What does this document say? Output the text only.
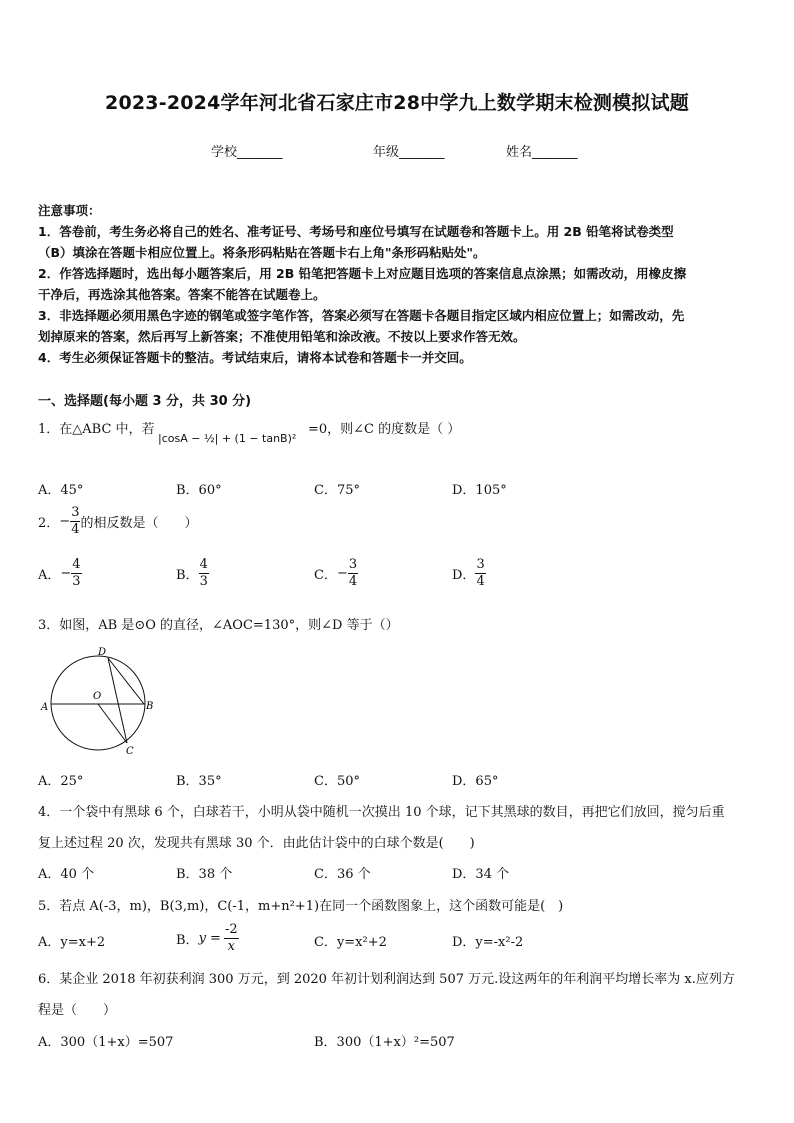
2023-2024学年河北省石家庄市28中学九上数学期末检测模拟试题
学校_______	年级_______	姓名_______
注意事项：
1．答卷前，考生务必将自己的姓名、准考证号、考场号和座位号填写在试题卷和答题卡上。用 2B 铅笔将试卷类型
（B）填涂在答题卡相应位置上。将条形码粘贴在答题卡右上角"条形码粘贴处"。
2．作答选择题时，选出每小题答案后，用 2B 铅笔把答题卡上对应题目选项的答案信息点涂黑；如需改动，用橡皮擦
干净后，再选涂其他答案。答案不能答在试题卷上。
3．非选择题必须用黑色字迹的钢笔或签字笔作答，答案必须写在答题卡各题目指定区域内相应位置上；如需改动，先
划掉原来的答案，然后再写上新答案；不准使用铅笔和涂改液。不按以上要求作答无效。
4．考生必须保证答题卡的整洁。考试结束后，请将本试卷和答题卡一并交回。
一、选择题(每小题 3 分，共 30 分)
1．在△ABC 中，若
|cosA − ½| + (1 − tanB)²
=0，则∠C 的度数是（ ）
A．45°	B．60°	C．75°	D．105°
2．− $\frac{3}{4}$ 的相反数是（　　）
A．− $\frac{4}{3}$	B． $\frac{4}{3}$	C．− $\frac{3}{4}$	D． $\frac{3}{4}$
3．如图，AB 是⊙O 的直径，∠AOC=130°，则∠D 等于（）
D
O
A	B
C
A．25°	B．35°	C．50°	D．65°
4．一个袋中有黑球 6 个，白球若干，小明从袋中随机一次摸出 10 个球，记下其黑球的数目，再把它们放回，搅匀后重
复上述过程 20 次，发现共有黑球 30 个．由此估计袋中的白球个数是(　　)
A．40 个	B．38 个	C．36 个	D．34 个
5．若点 A(-3，m)，B(3,m)，C(-1，m+n²+1)在同一个函数图象上，这个函数可能是(　)
A．y=x+2	B．$y = \frac{-2}{x}$	C．y=x²+2	D．y=-x²-2
6．某企业 2018 年初获利润 300 万元，到 2020 年初计划利润达到 507 万元.设这两年的年利润平均增长率为 x.应列方
程是（　　）
A．300（1+x）=507	B．300（1+x）²=507
